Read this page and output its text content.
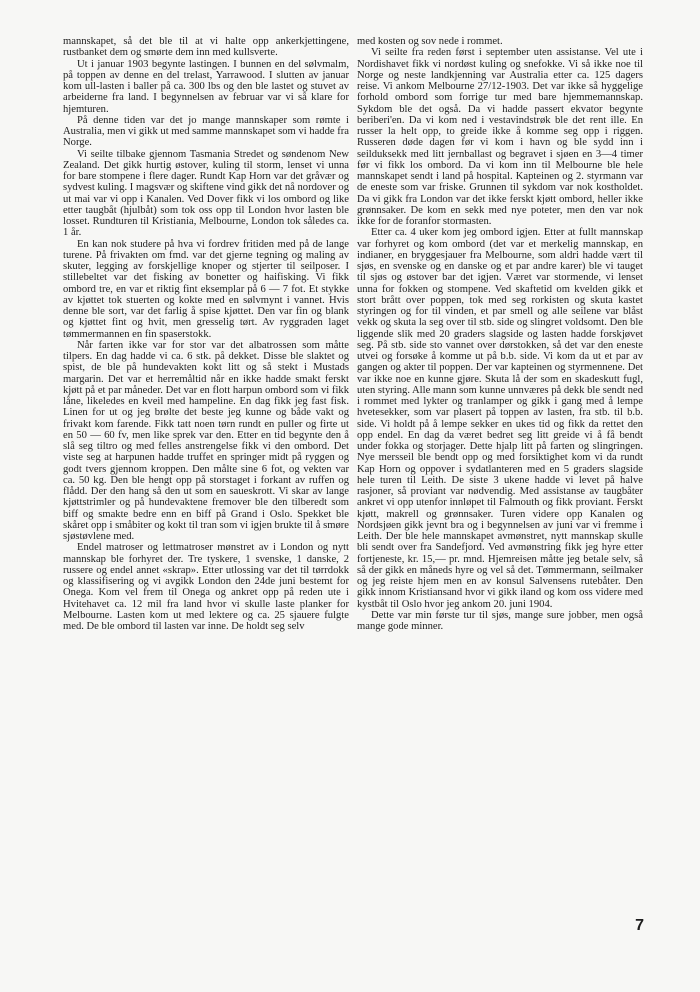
mannskapet, så det ble til at vi halte opp ankerkjettingene, rustbanket dem og smørte dem inn med kullsverte.

Ut i januar 1903 begynte lastingen. I bunnen en del sølvmalm, på toppen av denne en del trelast, Yarrawood. I slutten av januar kom ull-lasten i baller på ca. 300 lbs og den ble lastet og stuvet av arbeiderne fra land. I begynnelsen av februar var vi så klare for hjemturen.

På denne tiden var det jo mange mannskaper som rømte i Australia, men vi gikk ut med samme mannskapet som vi hadde fra Norge.

Vi seilte tilbake gjennom Tasmania Stredet og søndenom New Zealand. Det gikk hurtig østover, kuling til storm, lenset vi unna for bare stompene i flere dager. Rundt Kap Horn var det gråvær og sydvest kuling. I magsvær og skiftene vind gikk det nå nordover og ut mai var vi opp i Kanalen. Ved Dover fikk vi los ombord og like etter taugbåt (hjulbåt) som tok oss opp til London hvor lasten ble losset. Rundturen til Kristiania, Melbourne, London tok således ca. 1 år.

En kan nok studere på hva vi fordrev fritiden med på de lange turene. På frivakten om fmd. var det gjerne tegning og maling av skuter, legging av forskjellige knoper og stjerter til seilposer. I stillebeltet var det fisking av bonetter og haifisking. Vi fikk ombord tre, en var et riktig fint eksemplar på 6 — 7 fot. Et stykke av kjøttet tok stuerten og kokte med en sølvmynt i vannet. Hvis denne ble sort, var det farlig å spise kjøttet. Den var fin og blank og kjøttet fint og hvit, men gresselig tørt. Av ryggraden laget tømmermannen en fin spaserstokk.

Når farten ikke var for stor var det albatrossen som måtte tilpers. En dag hadde vi ca. 6 stk. på dekket. Disse ble slaktet og spist, de ble på hundevakten kokt litt og så stekt i Mustads margarin. Det var et herremåltid når en ikke hadde smakt ferskt kjøtt på et par måneder. Det var en flott harpun ombord som vi fikk låne, likeledes en kveil med hampeline. En dag fikk jeg fast fisk. Linen for ut og jeg brølte det beste jeg kunne og både vakt og frivakt kom farende. Fikk tatt noen tørn rundt en puller og firte ut en 50 — 60 fv, men like sprek var den. Etter en tid begynte den å slå seg tiltro og med felles anstrengelse fikk vi den ombord. Det viste seg at harpunen hadde truffet en springer midt på ryggen og godt tvers gjennom kroppen. Den målte sine 6 fot, og vekten var ca. 50 kg. Den ble hengt opp på storstaget i forkant av ruffen og flådd. Der den hang så den ut som en saueskrott. Vi skar av lange kjøttstrimler og på hundevaktene fremover ble den tilberedt som biff og smakte bedre enn en biff på Grand i Oslo. Spekket ble skåret opp i småbiter og kokt til tran som vi igjen brukte til å smøre sjøstøvlene med.

Endel matroser og lettmatroser mønstret av i London og nytt mannskap ble forhyret der. Tre tyskere, 1 svenske, 1 danske, 2 russere og endel annet «skrap». Etter utlossing var det til tørrdokk og klassifisering og vi avgikk London den 24de juni bestemt for Onega. Kom vel frem til Onega og ankret opp på reden ute i Hvitehavet ca. 12 mil fra land hvor vi skulle laste planker for Melbourne. Lasten kom ut med lektere og ca. 25 sjauere fulgte med. De ble ombord til lasten var inne. De holdt seg selv

med kosten og sov nede i rommet.

Vi seilte fra reden først i september uten assistanse. Vel ute i Nordishavet fikk vi nordøst kuling og snefokke. Vi så ikke noe til Norge og neste landkjenning var Australia etter ca. 125 dagers reise. Vi ankom Melbourne 27/12-1903. Det var ikke så hyggelige forhold ombord som forrige tur med bare hjemmemannskap. Sykdom ble det også. Da vi hadde passert ekvator begynte beriberi'en. Da vi kom ned i vestavindstrøk ble det rent ille. En russer la helt opp, to greide ikke å komme seg opp i riggen. Russeren døde dagen før vi kom i havn og ble sydd inn i seilduksekk med litt jernballast og begravet i sjøen en 3—4 timer før vi fikk los ombord. Da vi kom inn til Melbourne ble hele mannskapet sendt i land på hospital. Kapteinen og 2. styrmann var de eneste som var friske. Grunnen til sykdom var nok kostholdet. Da vi gikk fra London var det ikke ferskt kjøtt ombord, heller ikke grønnsaker. De kom en sekk med nye poteter, men den var nok ikke for de foranfor stormasten.

Etter ca. 4 uker kom jeg ombord igjen. Etter at fullt mannskap var forhyret og kom ombord (det var et merkelig mannskap, en indianer, en bryggesjauer fra Melbourne, som aldri hadde vært til sjøs, en svenske og en danske og et par andre karer) ble vi tauget til sjøs og østover bar det igjen. Været var stormende, vi lenset unna for fokken og stompene. Ved skaftetid om kvelden gikk et stort brått over poppen, tok med seg rorkisten og skuta kastet styringen og for til vinden, et par smell og alle seilene var blåst vekk og skuta la seg over til stb. side og slingret voldsomt. Den ble liggende slik med 20 graders slagside og lasten hadde forskjøvet seg. På stb. side sto vannet over dørstokken, så det var den eneste utvei og forsøke å komme ut på b.b. side. Vi kom da ut et par av gangen og akter til poppen. Der var kapteinen og styrmennene. Det var ikke noe en kunne gjøre. Skuta lå der som en skadeskutt fugl, uten styring. Alle mann som kunne unnværes på dekk ble sendt ned i rommet med lykter og tranlamper og gikk i gang med å lempe hvetesekker, som var plasert på toppen av lasten, fra stb. til b.b. side. Vi holdt på å lempe sekker en ukes tid og fikk da rettet den opp endel. En dag da været bedret seg litt greide vi å få bendt under fokka og storjager. Dette hjalp litt på farten og slingringen. Nye mersseil ble bendt opp og med forsiktighet kom vi da rundt Kap Horn og oppover i sydatlanteren med en 5 graders slagside hele turen til Leith. De siste 3 ukene hadde vi levet på halve rasjoner, så proviant var nødvendig. Med assistanse av taugbåter ankret vi opp utenfor innløpet til Falmouth og fikk proviant. Ferskt kjøtt, makrell og grønnsaker. Turen videre opp Kanalen og Nordsjøen gikk jevnt bra og i begynnelsen av juni var vi fremme i Leith. Der ble hele mannskapet avmønstret, nytt mannskap skulle bli sendt over fra Sandefjord. Ved avmønstring fikk jeg hyre etter fortjeneste, kr. 15,— pr. mnd. Hjemreisen måtte jeg betale selv, så så der gikk en måneds hyre og vel så det. Tømmermann, seilmaker og jeg reiste hjem men en av konsul Salvensens rutebåter. Den gikk innom Kristiansand hvor vi gikk iland og kom oss videre med kystbåt til Oslo hvor jeg ankom 20. juni 1904.

Dette var min første tur til sjøs, mange sure jobber, men også mange gode minner.

7
